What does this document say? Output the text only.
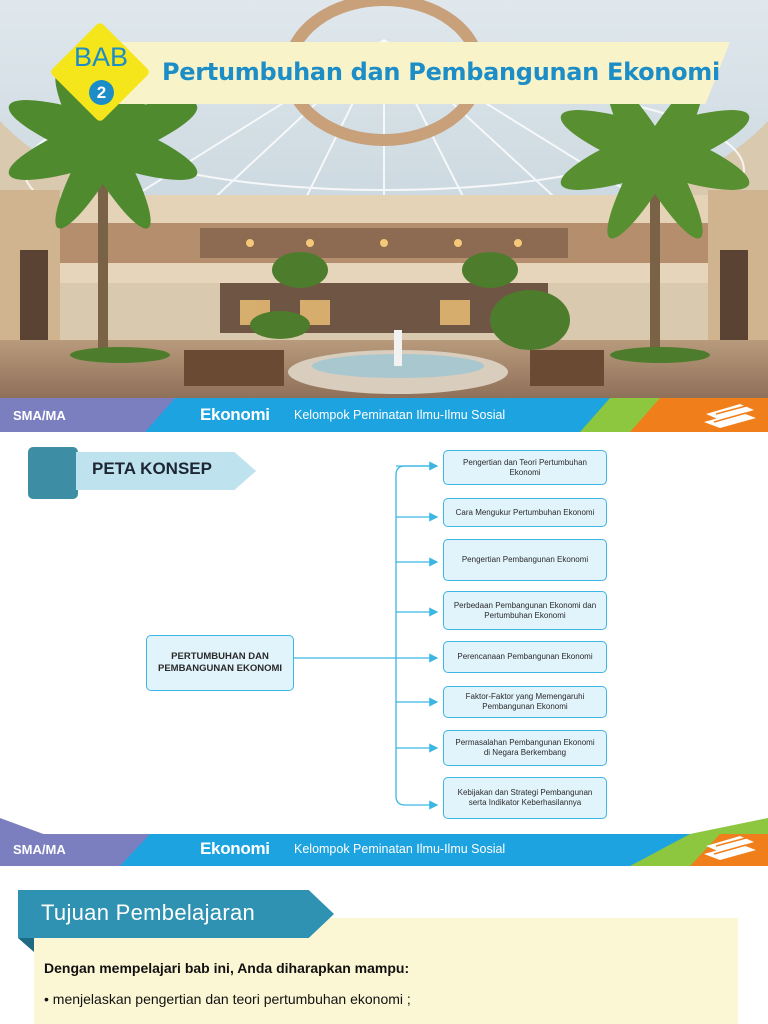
Pertumbuhan dan Pembangunan Ekonomi
BAB
2
SMA/MA	Ekonomi Kelompok Peminatan Ilmu-Ilmu Sosial
PETA KONSEP
PERTUMBUHAN DAN PEMBANGUNAN EKONOMI
Pengertian dan Teori Pertumbuhan Ekonomi
Cara Mengukur Pertumbuhan Ekonomi
Pengertian Pembangunan Ekonomi
Perbedaan Pembangunan Ekonomi dan Pertumbuhan Ekonomi
Perencanaan Pembangunan Ekonomi
Faktor-Faktor yang Memengaruhi Pembangunan Ekonomi
Permasalahan Pembangunan Ekonomi di Negara Berkembang
Kebijakan dan Strategi Pembangunan serta Indikator Keberhasilannya
SMA/MA	Ekonomi Kelompok Peminatan Ilmu-Ilmu Sosial
Tujuan Pembelajaran
Dengan mempelajari bab ini, Anda diharapkan mampu:
• menjelaskan pengertian dan teori pertumbuhan ekonomi ;
